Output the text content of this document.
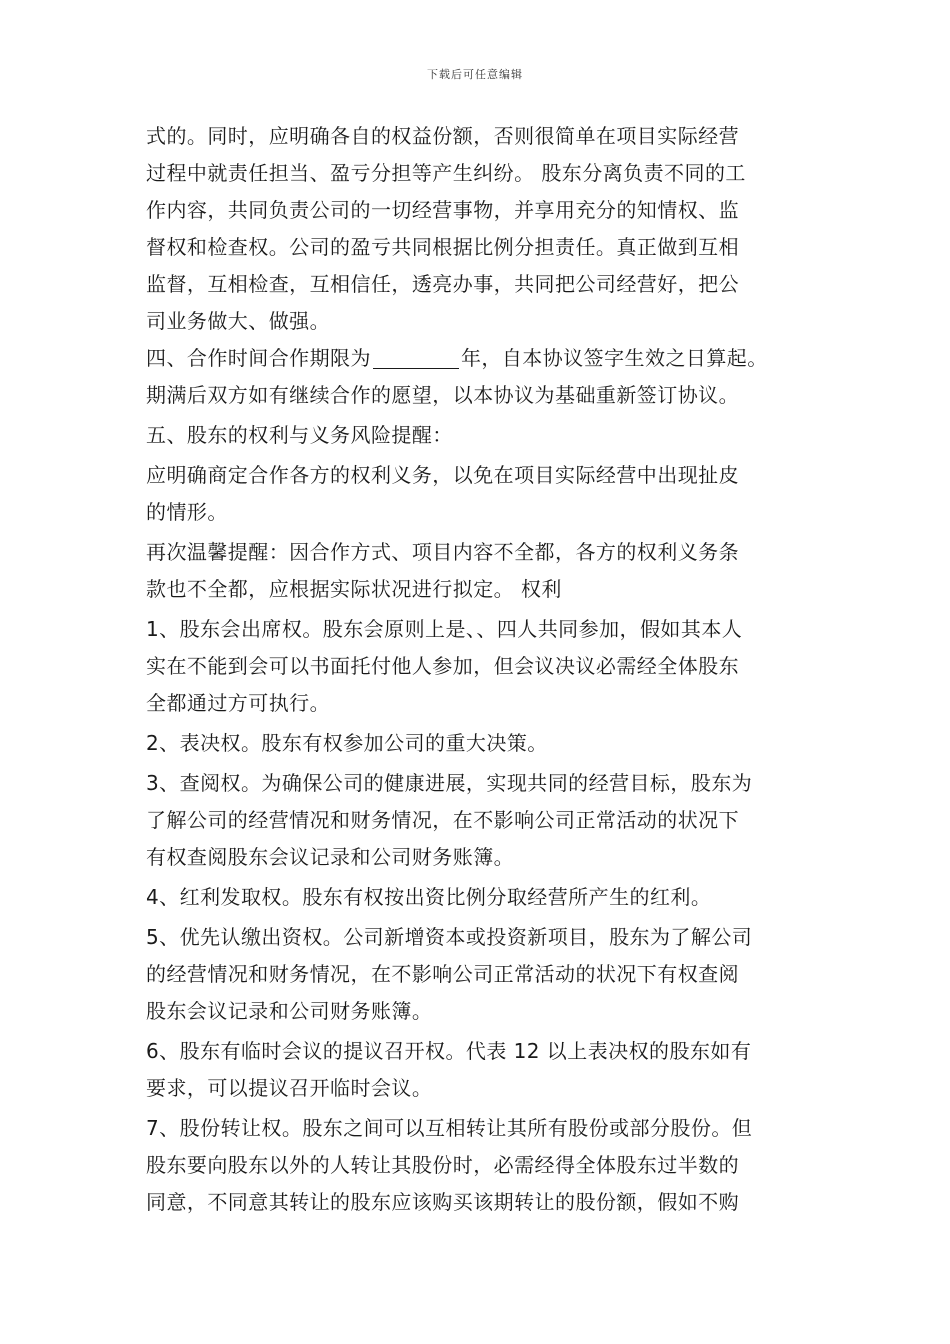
下载后可任意编辑
式的。同时，应明确各自的权益份额，否则很简单在项目实际经营
过程中就责任担当、盈亏分担等产生纠纷。 股东分离负责不同的工
作内容，共同负责公司的一切经营事物，并享用充分的知情权、监
督权和检查权。公司的盈亏共同根据比例分担责任。真正做到互相
监督，互相检查，互相信任，透亮办事，共同把公司经营好，把公
司业务做大、做强。
四、合作时间合作期限为	年，自本协议签字生效之日算起。
期满后双方如有继续合作的愿望，以本协议为基础重新签订协议。
五、股东的权利与义务风险提醒：
应明确商定合作各方的权利义务，以免在项目实际经营中出现扯皮
的情形。
再次温馨提醒：因合作方式、项目内容不全都，各方的权利义务条
款也不全都，应根据实际状况进行拟定。 权利
1、股东会出席权。股东会原则上是、、四人共同参加，假如其本人
实在不能到会可以书面托付他人参加，但会议决议必需经全体股东
全都通过方可执行。
2、表决权。股东有权参加公司的重大决策。
3、查阅权。为确保公司的健康进展，实现共同的经营目标，股东为
了解公司的经营情况和财务情况，在不影响公司正常活动的状况下
有权查阅股东会议记录和公司财务账簿。
4、红利发取权。股东有权按出资比例分取经营所产生的红利。
5、优先认缴出资权。公司新增资本或投资新项目，股东为了解公司
的经营情况和财务情况，在不影响公司正常活动的状况下有权查阅
股东会议记录和公司财务账簿。
6、股东有临时会议的提议召开权。代表 12 以上表决权的股东如有
要求，可以提议召开临时会议。
7、股份转让权。股东之间可以互相转让其所有股份或部分股份。但
股东要向股东以外的人转让其股份时，必需经得全体股东过半数的
同意，不同意其转让的股东应该购买该期转让的股份额，假如不购
